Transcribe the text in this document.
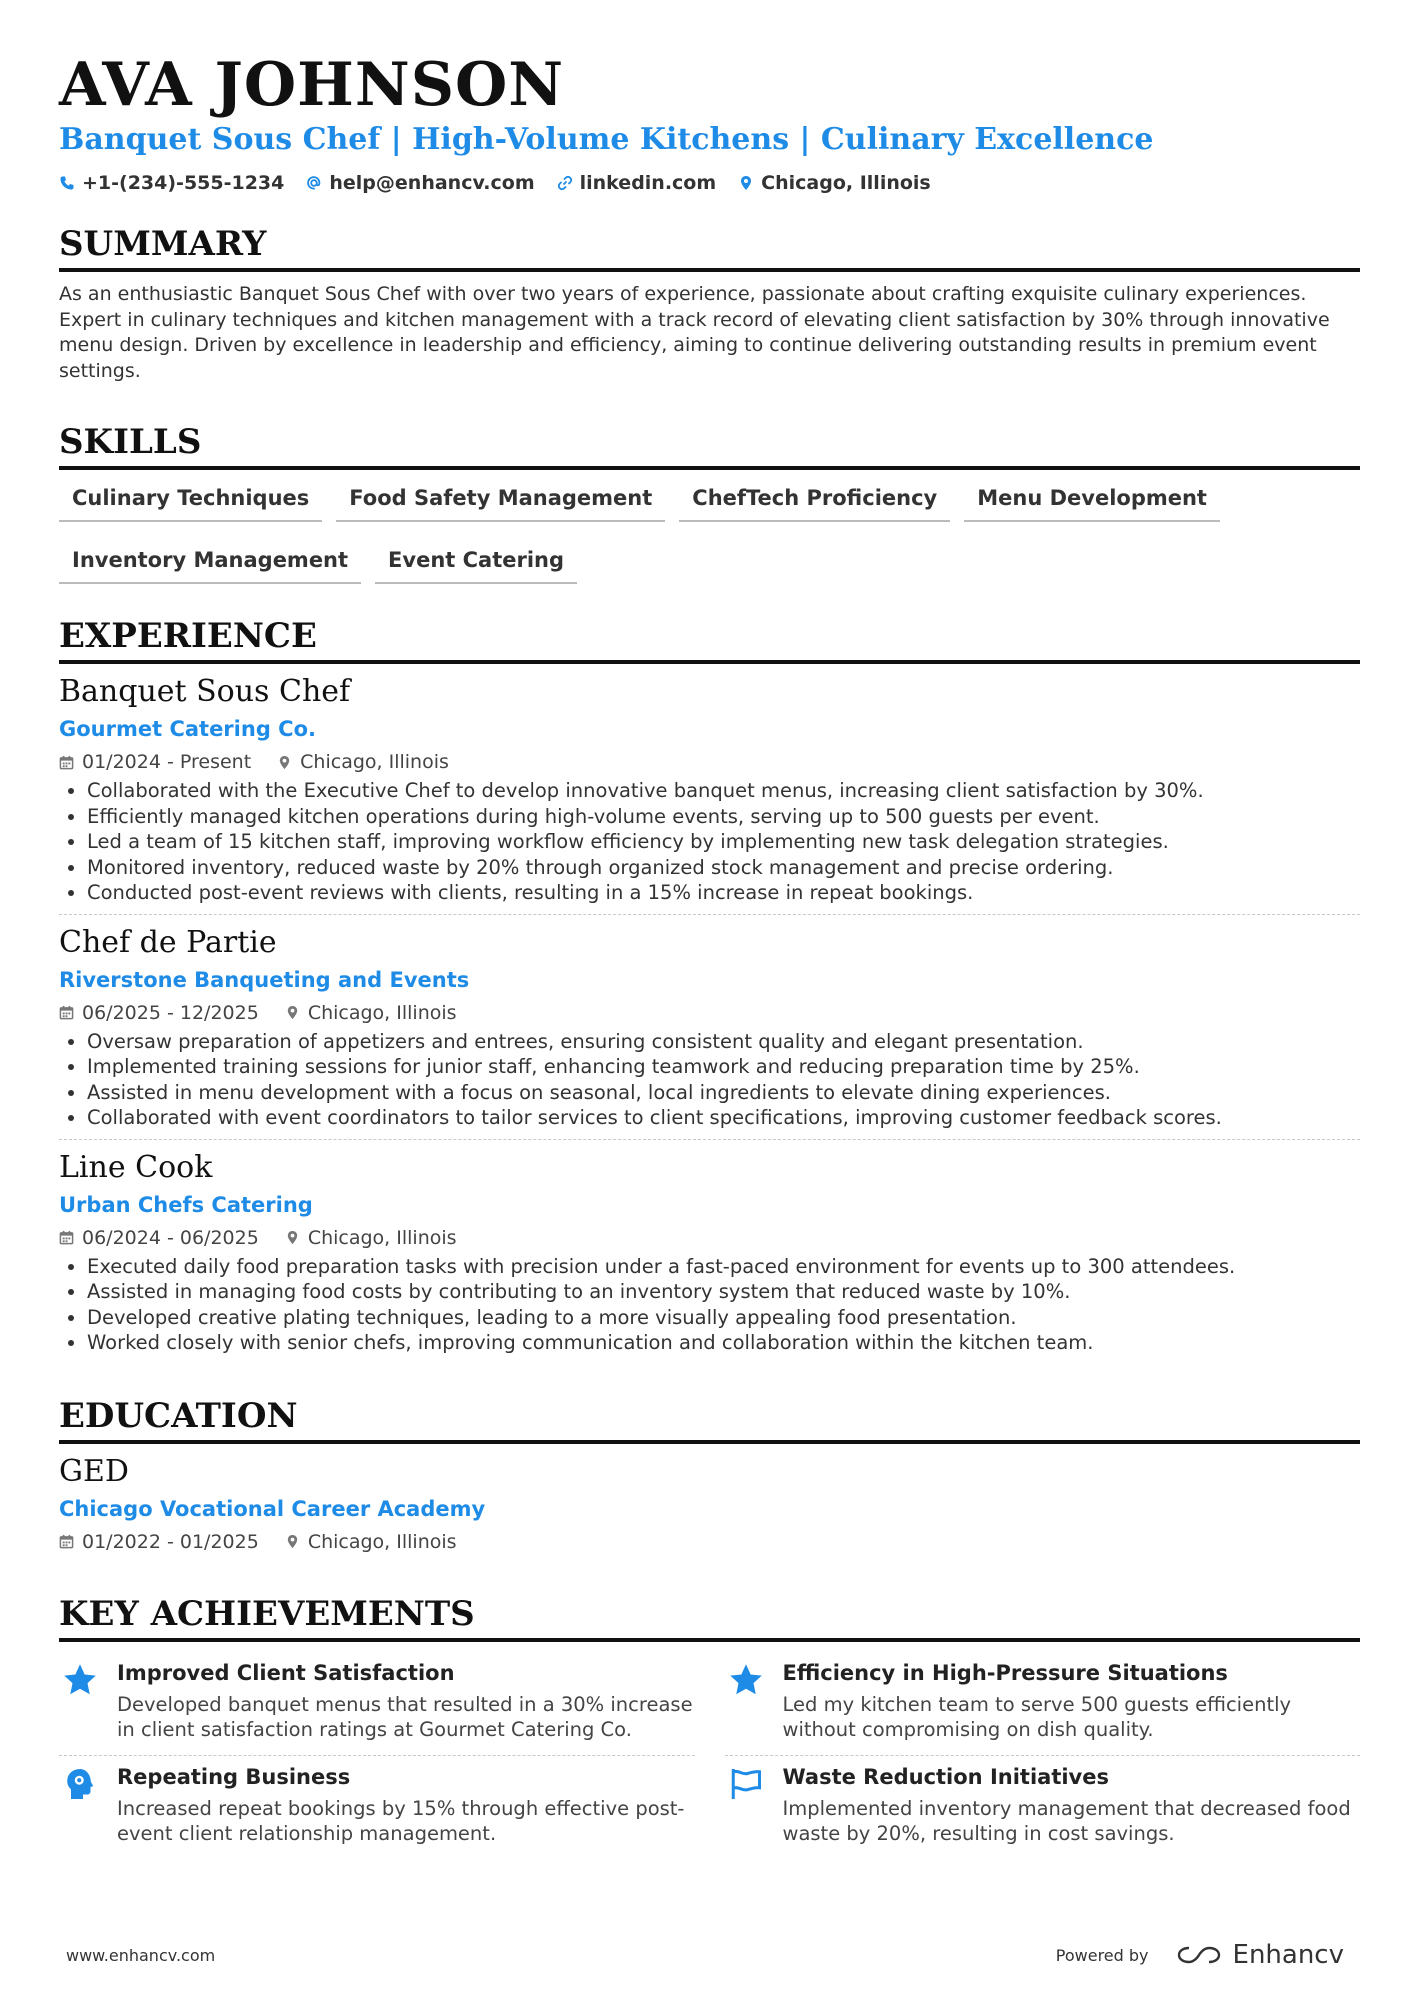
AVA JOHNSON
Banquet Sous Chef | High-Volume Kitchens | Culinary Excellence
+1-(234)-555-1234 help@enhancv.com linkedin.com Chicago, Illinois
SUMMARY
As an enthusiastic Banquet Sous Chef with over two years of experience, passionate about crafting exquisite culinary experiences. Expert in culinary techniques and kitchen management with a track record of elevating client satisfaction by 30% through innovative menu design. Driven by excellence in leadership and efficiency, aiming to continue delivering outstanding results in premium event settings.
SKILLS
Culinary Techniques	Food Safety Management	ChefTech Proficiency	Menu Development
Inventory Management	Event Catering
EXPERIENCE
Banquet Sous Chef
Gourmet Catering Co.
01/2024 - Present	Chicago, Illinois
• Collaborated with the Executive Chef to develop innovative banquet menus, increasing client satisfaction by 30%.
• Efficiently managed kitchen operations during high-volume events, serving up to 500 guests per event.
• Led a team of 15 kitchen staff, improving workflow efficiency by implementing new task delegation strategies.
• Monitored inventory, reduced waste by 20% through organized stock management and precise ordering.
• Conducted post-event reviews with clients, resulting in a 15% increase in repeat bookings.
Chef de Partie
Riverstone Banqueting and Events
06/2025 - 12/2025	Chicago, Illinois
• Oversaw preparation of appetizers and entrees, ensuring consistent quality and elegant presentation.
• Implemented training sessions for junior staff, enhancing teamwork and reducing preparation time by 25%.
• Assisted in menu development with a focus on seasonal, local ingredients to elevate dining experiences.
• Collaborated with event coordinators to tailor services to client specifications, improving customer feedback scores.
Line Cook
Urban Chefs Catering
06/2024 - 06/2025	Chicago, Illinois
• Executed daily food preparation tasks with precision under a fast-paced environment for events up to 300 attendees.
• Assisted in managing food costs by contributing to an inventory system that reduced waste by 10%.
• Developed creative plating techniques, leading to a more visually appealing food presentation.
• Worked closely with senior chefs, improving communication and collaboration within the kitchen team.
EDUCATION
GED
Chicago Vocational Career Academy
01/2022 - 01/2025	Chicago, Illinois
KEY ACHIEVEMENTS
Improved Client Satisfaction
Developed banquet menus that resulted in a 30% increase in client satisfaction ratings at Gourmet Catering Co.
Efficiency in High-Pressure Situations
Led my kitchen team to serve 500 guests efficiently without compromising on dish quality.
Repeating Business
Increased repeat bookings by 15% through effective post-event client relationship management.
Waste Reduction Initiatives
Implemented inventory management that decreased food waste by 20%, resulting in cost savings.
www.enhancv.com	Powered by	Enhancv
